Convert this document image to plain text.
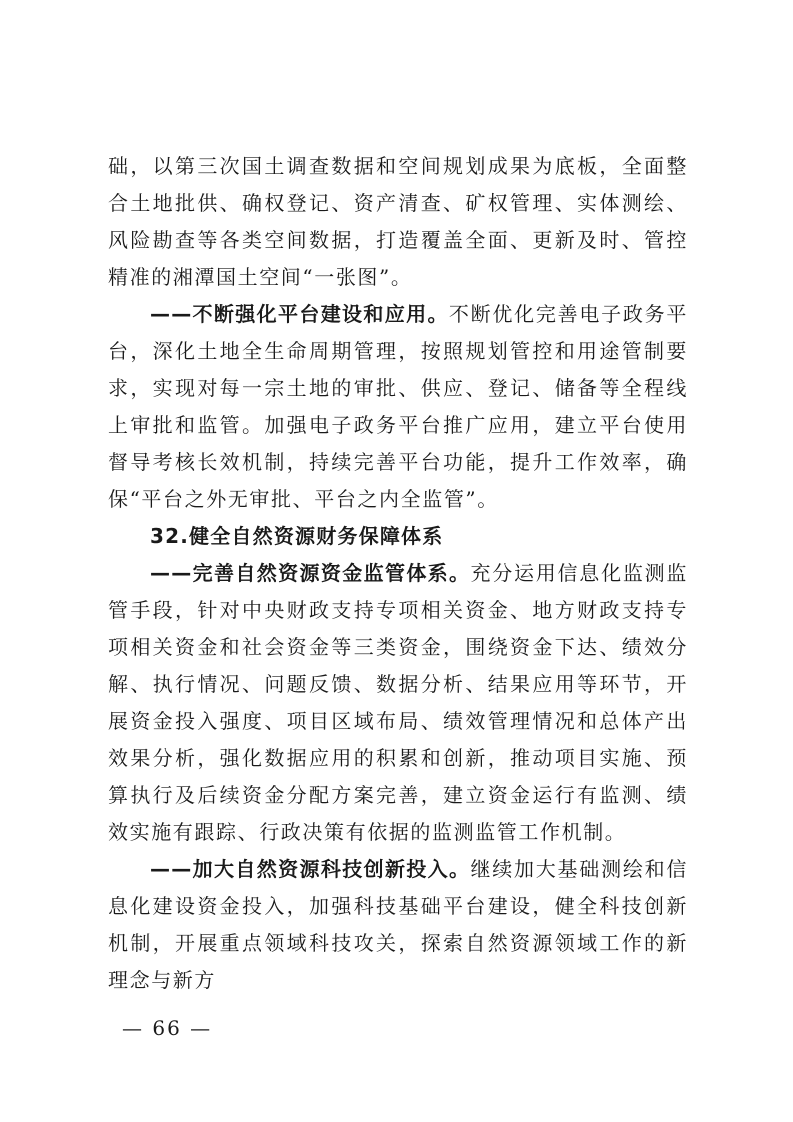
础，以第三次国土调查数据和空间规划成果为底板，全面整合土地批供、确权登记、资产清查、矿权管理、实体测绘、风险勘查等各类空间数据，打造覆盖全面、更新及时、管控精准的湘潭国土空间“一张图”。

——不断强化平台建设和应用。不断优化完善电子政务平台，深化土地全生命周期管理，按照规划管控和用途管制要求，实现对每一宗土地的审批、供应、登记、储备等全程线上审批和监管。加强电子政务平台推广应用，建立平台使用督导考核长效机制，持续完善平台功能，提升工作效率，确保“平台之外无审批、平台之内全监管”。

32.健全自然资源财务保障体系

——完善自然资源资金监管体系。充分运用信息化监测监管手段，针对中央财政支持专项相关资金、地方财政支持专项相关资金和社会资金等三类资金，围绕资金下达、绩效分解、执行情况、问题反馈、数据分析、结果应用等环节，开展资金投入强度、项目区域布局、绩效管理情况和总体产出效果分析，强化数据应用的积累和创新，推动项目实施、预算执行及后续资金分配方案完善，建立资金运行有监测、绩效实施有跟踪、行政决策有依据的监测监管工作机制。

——加大自然资源科技创新投入。继续加大基础测绘和信息化建设资金投入，加强科技基础平台建设，健全科技创新机制，开展重点领域科技攻关，探索自然资源领域工作的新理念与新方

— 66 —
